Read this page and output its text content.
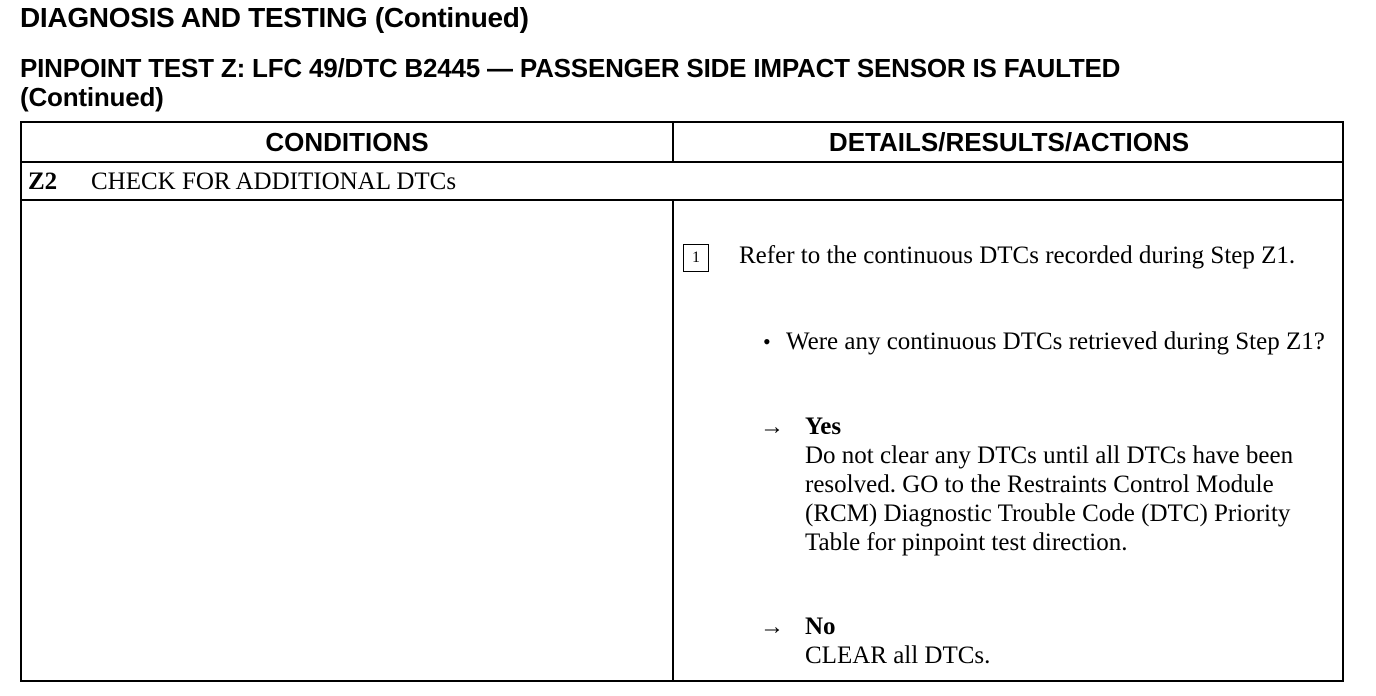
DIAGNOSIS AND TESTING (Continued)
PINPOINT TEST Z: LFC 49/DTC B2445 — PASSENGER SIDE IMPACT SENSOR IS FAULTED
(Continued)
CONDITIONS	DETAILS/RESULTS/ACTIONS
Z2 CHECK FOR ADDITIONAL DTCs
1	Refer to the continuous DTCs recorded during Step Z1.

• Were any continuous DTCs retrieved during Step Z1?

→ Yes

Do not clear any DTCs until all DTCs have been resolved. GO to the Restraints Control Module (RCM) Diagnostic Trouble Code (DTC) Priority Table for pinpoint test direction.

→ No

CLEAR all DTCs.
